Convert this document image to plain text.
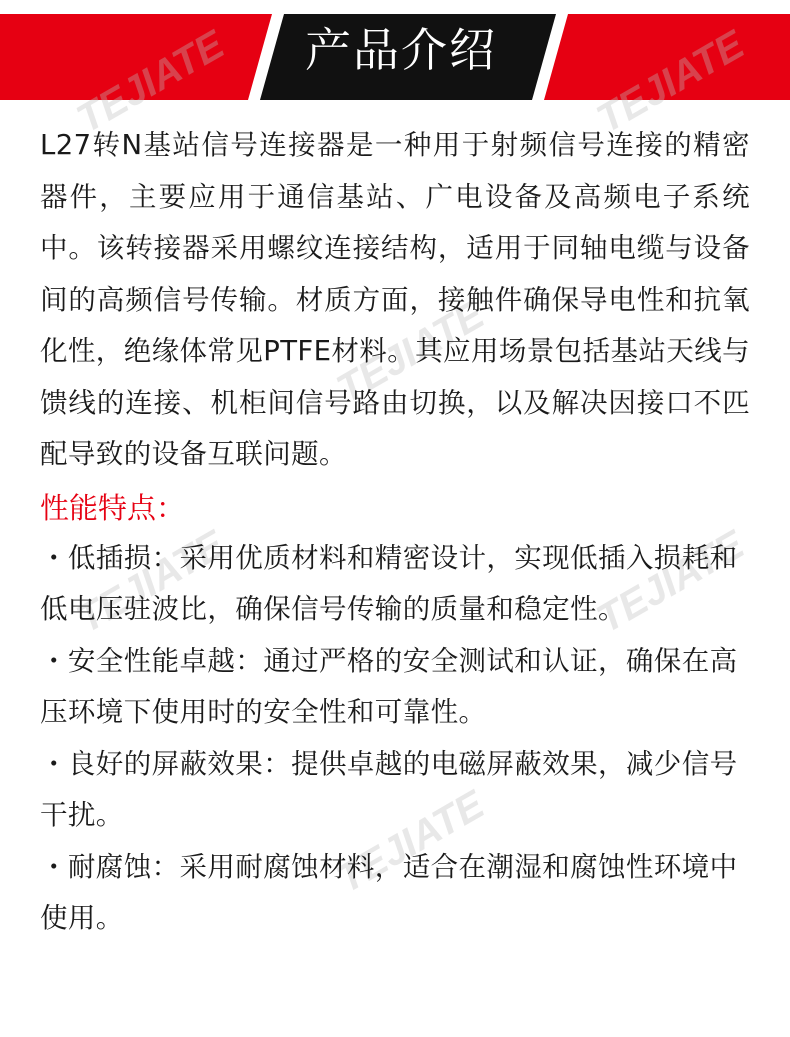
产品介绍
TEJIATE	TEJIATE
TEJIATE
TEJIATE	TEJIATE
TEJIATE

L27转N基站信号连接器是一种用于射频信号连接的精密器件，主要应用于通信基站、广电设备及高频电子系统中。该转接器采用螺纹连接结构，适用于同轴电缆与设备间的高频信号传输。材质方面，接触件确保导电性和抗氧化性，绝缘体常见PTFE材料。其应用场景包括基站天线与馈线的连接、机柜间信号路由切换，以及解决因接口不匹配导致的设备互联问题。

性能特点：

・低插损：采用优质材料和精密设计，实现低插入损耗和低电压驻波比，确保信号传输的质量和稳定性。

・安全性能卓越：通过严格的安全测试和认证，确保在高压环境下使用时的安全性和可靠性。

・良好的屏蔽效果：提供卓越的电磁屏蔽效果，减少信号干扰。

・耐腐蚀：采用耐腐蚀材料，适合在潮湿和腐蚀性环境中使用。
